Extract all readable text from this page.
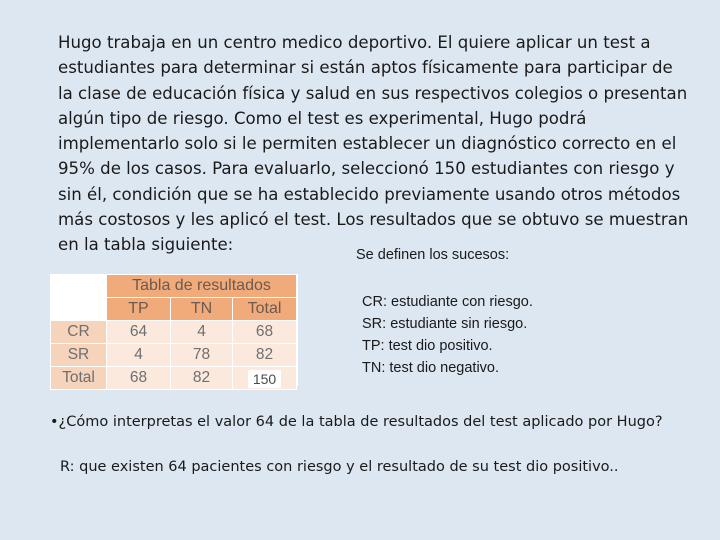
Hugo trabaja en un centro medico deportivo. El quiere aplicar un test a
estudiantes para determinar si están aptos físicamente para participar de
la clase de educación física y salud en sus respectivos colegios o presentan
algún tipo de riesgo. Como el test es experimental, Hugo podrá
implementarlo solo si le permiten establecer un diagnóstico correcto en el
95% de los casos. Para evaluarlo, seleccionó 150 estudiantes con riesgo y
sin él, condición que se ha establecido previamente usando otros métodos
más costosos y les aplicó el test. Los resultados que se obtuvo se muestran
en la tabla siguiente:

Se definen los sucesos:
CR: estudiante con riesgo.
SR: estudiante sin riesgo.
TP: test dio positivo.
TN: test dio negativo.
	Tabla de resultados		
	TP	TN	Total
CR	64	4	68
SR	4	78	82
Total	68	82	150

•¿Cómo interpretas el valor 64 de la tabla de resultados del test aplicado por Hugo?

R: que existen 64 pacientes con riesgo y el resultado de su test dio positivo..
